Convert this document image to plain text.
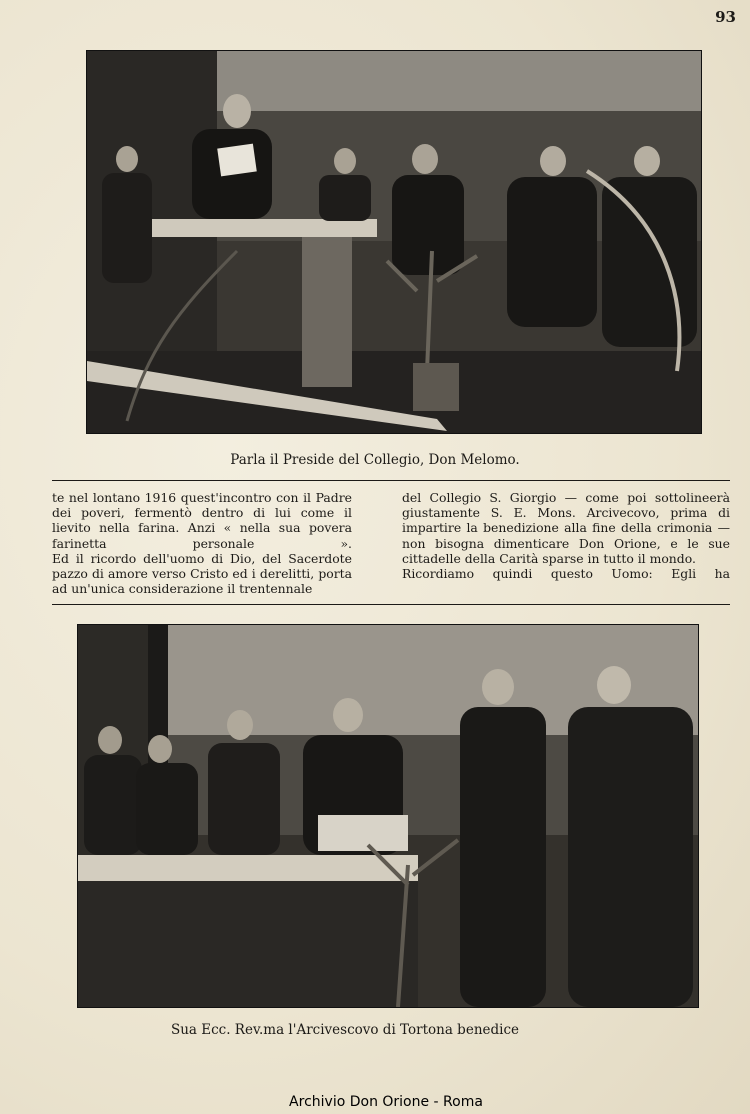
93
Parla il Preside del Collegio, Don Melomo.

te nel lontano 1916 quest'incontro con il Padre dei poveri, fermentò dentro di lui come il lievito nella farina. Anzi « nella sua povera farinetta personale ».

Ed il ricordo dell'uomo di Dio, del Sacerdote pazzo di amore verso Cristo ed i derelitti, porta ad un'unica considerazione il trentennale

del Collegio S. Giorgio — come poi sottolineerà giustamente S. E. Mons. Arcivecovo, prima di impartire la benedizione alla fine della crimonia — non bisogna dimenticare Don Orione, e le sue cittadelle della Carità sparse in tutto il mondo.

Ricordiamo quindi questo Uomo: Egli ha

Sua Ecc. Rev.ma l'Arcivescovo di Tortona benedice
Archivio Don Orione - Roma
